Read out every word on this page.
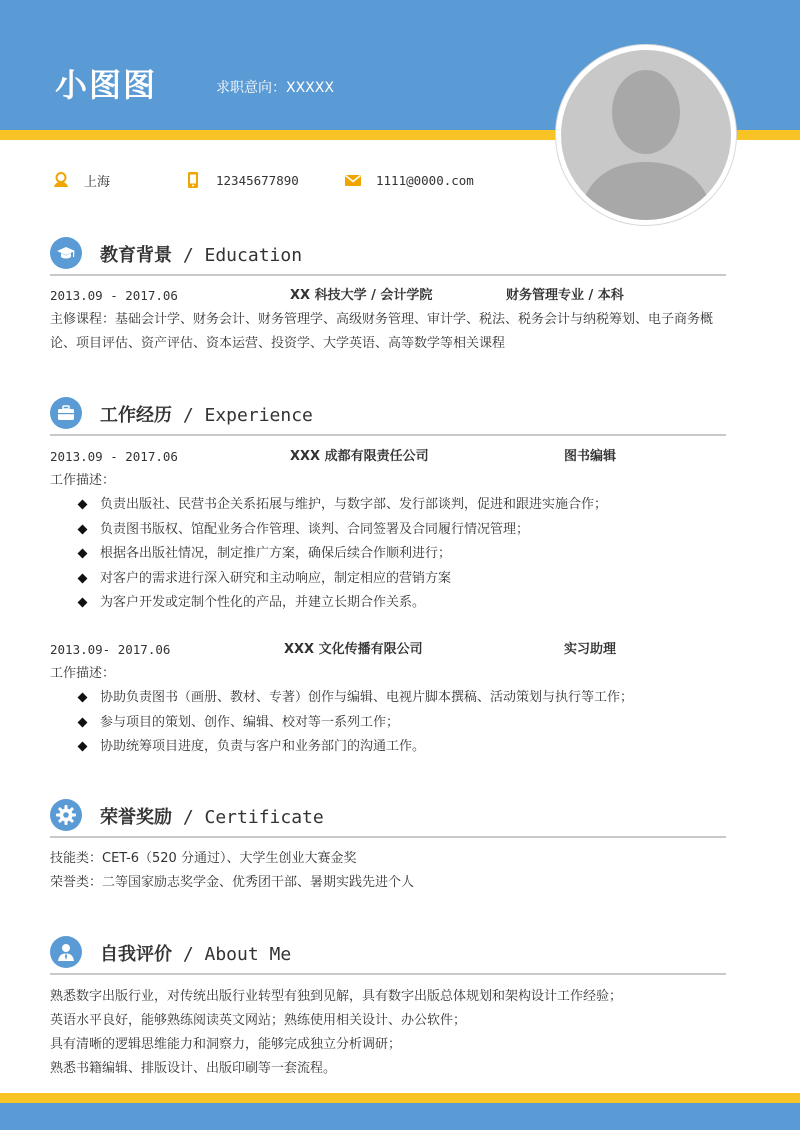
小图图	求职意向：XXXXX
上海	12345677890	1111@0000.com
教育背景 / Education
2013.09 - 2017.06	XX 科技大学 / 会计学院	财务管理专业 / 本科
主修课程：基础会计学、财务会计、财务管理学、高级财务管理、审计学、税法、税务会计与纳税筹划、电子商务概论、项目评估、资产评估、资本运营、投资学、大学英语、高等数学等相关课程
工作经历 / Experience
2013.09 - 2017.06	XXX 成都有限责任公司	图书编辑
工作描述：
负责出版社、民营书企关系拓展与维护，与数字部、发行部谈判，促进和跟进实施合作；
负责图书版权、馆配业务合作管理、谈判、合同签署及合同履行情况管理；
根据各出版社情况，制定推广方案，确保后续合作顺利进行；
对客户的需求进行深入研究和主动响应，制定相应的营销方案
为客户开发或定制个性化的产品，并建立长期合作关系。
2013.09- 2017.06	XXX 文化传播有限公司	实习助理
工作描述：
协助负责图书（画册、教材、专著）创作与编辑、电视片脚本撰稿、活动策划与执行等工作；
参与项目的策划、创作、编辑、校对等一系列工作；
协助统筹项目进度，负责与客户和业务部门的沟通工作。
荣誉奖励 / Certificate
技能类：CET-6（520 分通过）、大学生创业大赛金奖
荣誉类：二等国家励志奖学金、优秀团干部、暑期实践先进个人
自我评价 / About Me
熟悉数字出版行业，对传统出版行业转型有独到见解，具有数字出版总体规划和架构设计工作经验；
英语水平良好，能够熟练阅读英文网站；熟练使用相关设计、办公软件；
具有清晰的逻辑思维能力和洞察力，能够完成独立分析调研；
熟悉书籍编辑、排版设计、出版印刷等一套流程。
